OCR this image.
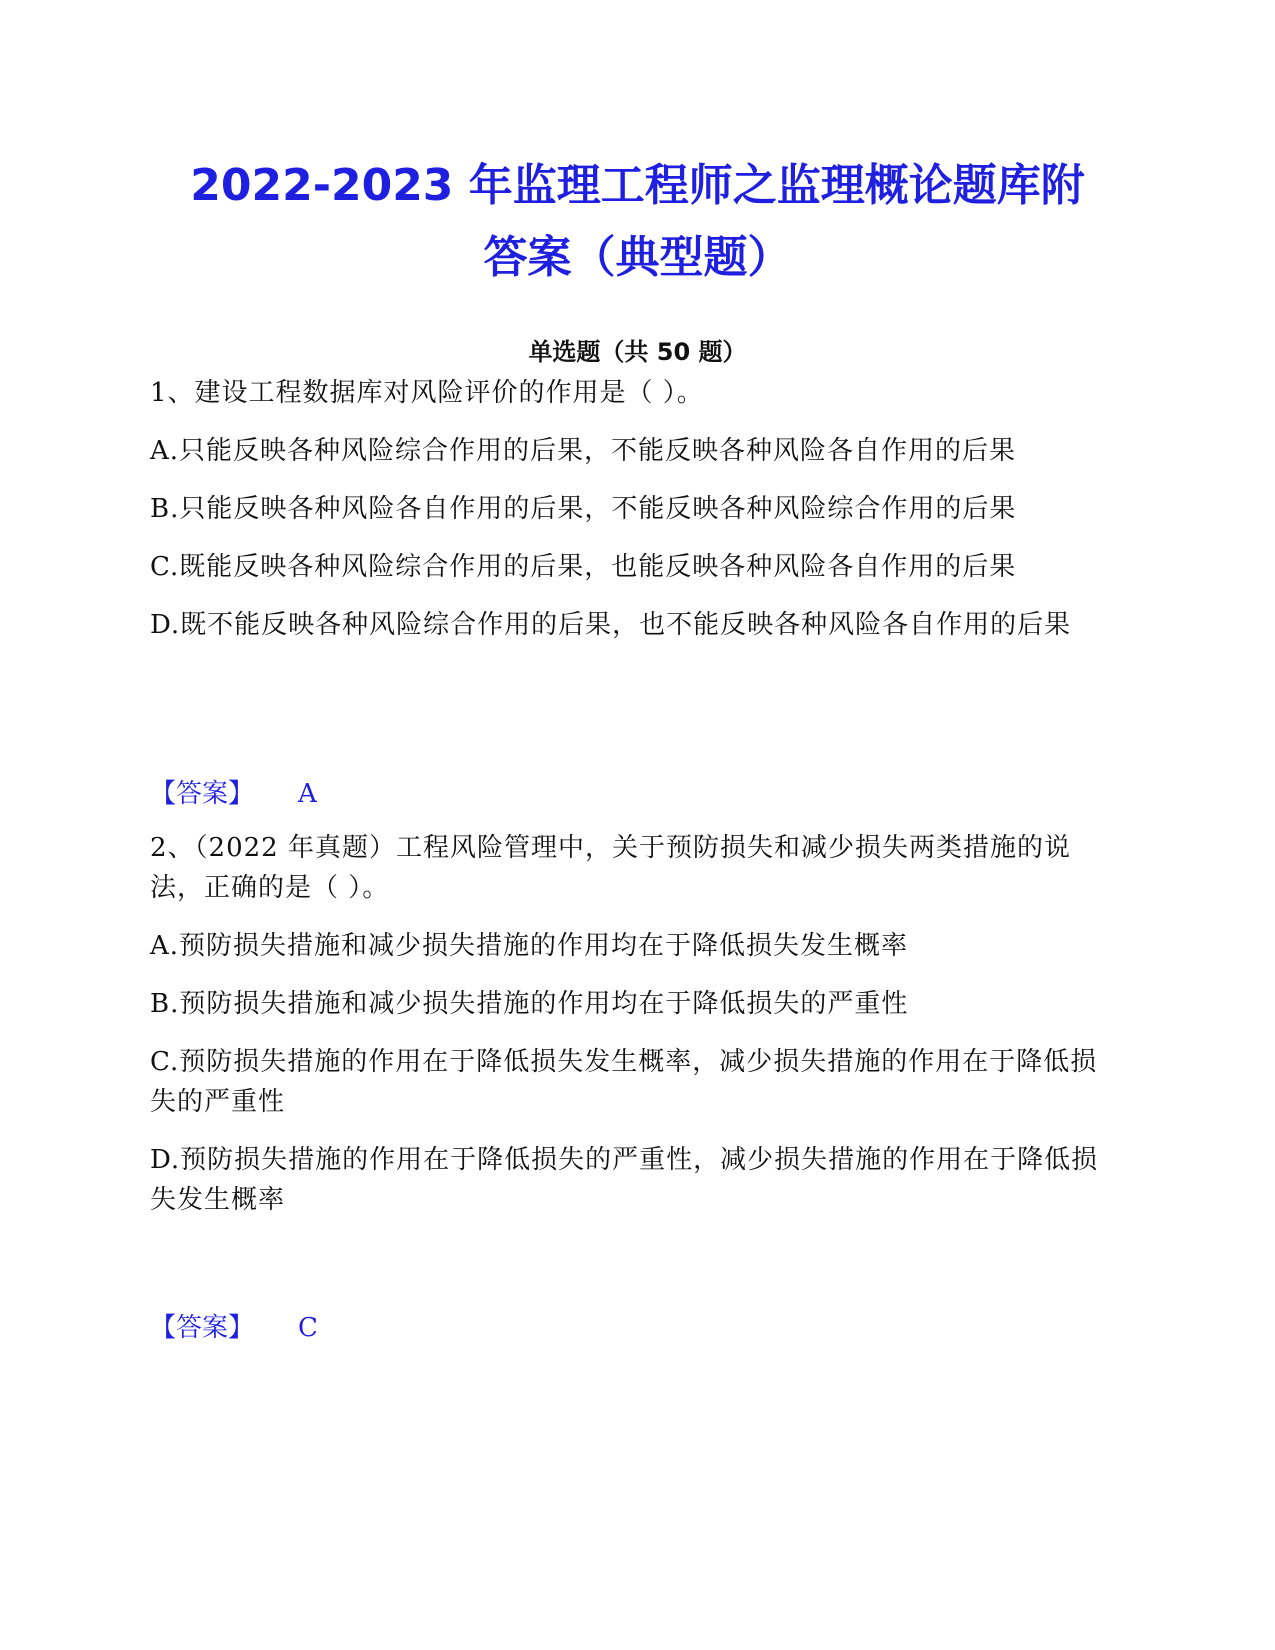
2022-2023 年监理工程师之监理概论题库附
答案（典型题）
单选题（共 50 题）

1、建设工程数据库对风险评价的作用是（ ）。

A.只能反映各种风险综合作用的后果，不能反映各种风险各自作用的后果

B.只能反映各种风险各自作用的后果，不能反映各种风险综合作用的后果

C.既能反映各种风险综合作用的后果，也能反映各种风险各自作用的后果

D.既不能反映各种风险综合作用的后果，也不能反映各种风险各自作用的后果

【答案】 A

2、（2022 年真题）工程风险管理中，关于预防损失和减少损失两类措施的说法，正确的是（ ）。

A.预防损失措施和减少损失措施的作用均在于降低损失发生概率

B.预防损失措施和减少损失措施的作用均在于降低损失的严重性

C.预防损失措施的作用在于降低损失发生概率，减少损失措施的作用在于降低损失的严重性

D.预防损失措施的作用在于降低损失的严重性，减少损失措施的作用在于降低损失发生概率

【答案】 C
